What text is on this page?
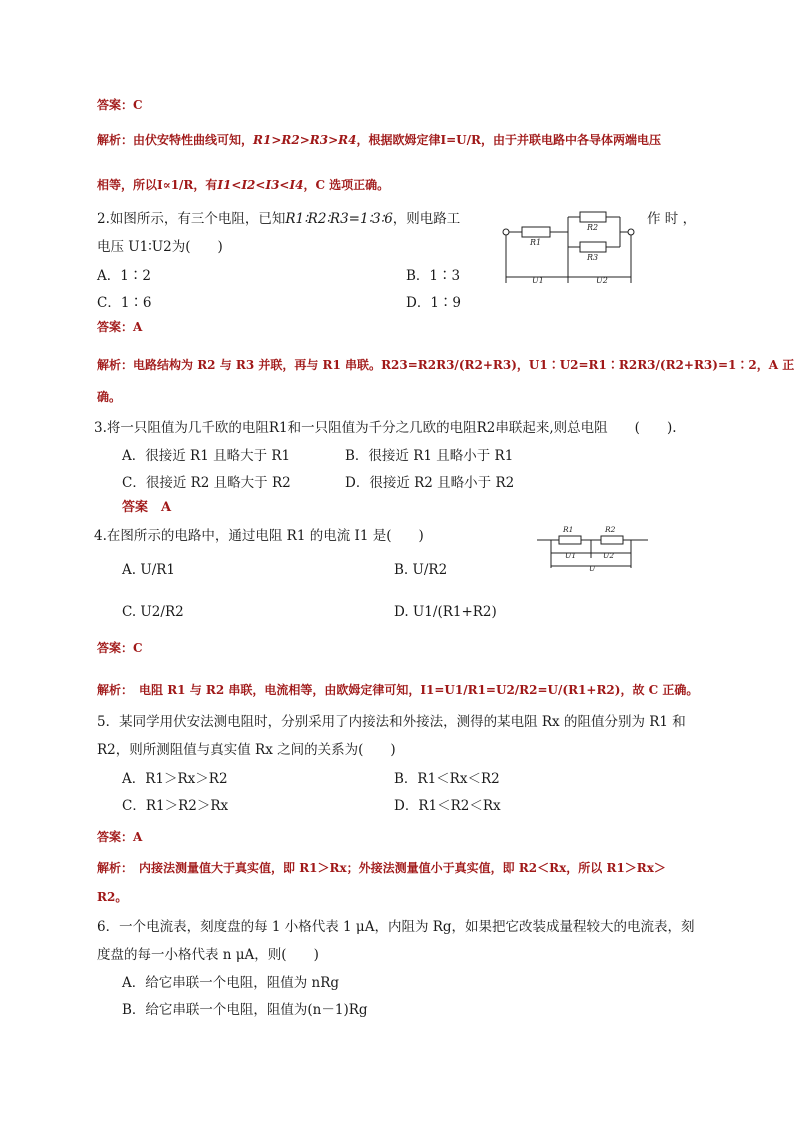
答案：C
解析：由伏安特性曲线可知，R1>R2>R3>R4，根据欧姆定律I=U/R，由于并联电路中各导体两端电压
相等，所以I∝1/R，有I1<I2<I3<I4，C 选项正确。
2.如图所示，有三个电阻，已知R1∶R2∶R3=1∶3∶6，则电路工	作 时 ，
电压 U1∶U2为(　　)	R1
R2
R3
U1	U2
A．1∶2	B．1∶3
C．1∶6	D．1∶9
答案：A
解析：电路结构为 R2 与 R3 并联，再与 R1 串联。R23=R2R3/(R2+R3)，U1∶U2=R1∶R2R3/(R2+R3)=1∶2，A 正
确。
3.将一只阻值为几千欧的电阻R1和一只阻值为千分之几欧的电阻R2串联起来,则总电阻　　(　　).
A．很接近 R1 且略大于 R1	B．很接近 R1 且略小于 R1
C．很接近 R2 且略大于 R2	D．很接近 R2 且略小于 R2
答案　 A
4.在图所示的电路中，通过电阻 R1 的电流 I1 是(　　)	R1	R2
U1	U2
U
A. U/R1	B. U/R2
C. U2/R2	D. U1/(R1+R2)
答案：C
解析：　 电阻 R1 与 R2 串联，电流相等，由欧姆定律可知，I1=U1/R1=U2/R2=U/(R1+R2)，故 C 正确。
5．某同学用伏安法测电阻时，分别采用了内接法和外接法，测得的某电阻 Rx 的阻值分别为 R1 和
R2，则所测阻值与真实值 Rx 之间的关系为(　　)
A．R1＞Rx＞R2	B．R1＜Rx＜R2
C．R1＞R2＞Rx	D．R1＜R2＜Rx
答案：A
解析：　 内接法测量值大于真实值，即 R1＞Rx；外接法测量值小于真实值，即 R2＜Rx，所以 R1＞Rx＞
R2。
6．一个电流表，刻度盘的每 1 小格代表 1 μA，内阻为 Rg，如果把它改装成量程较大的电流表，刻
度盘的每一小格代表 n μA，则(　　)
A．给它串联一个电阻，阻值为 nRg
B．给它串联一个电阻，阻值为(n－1)Rg
